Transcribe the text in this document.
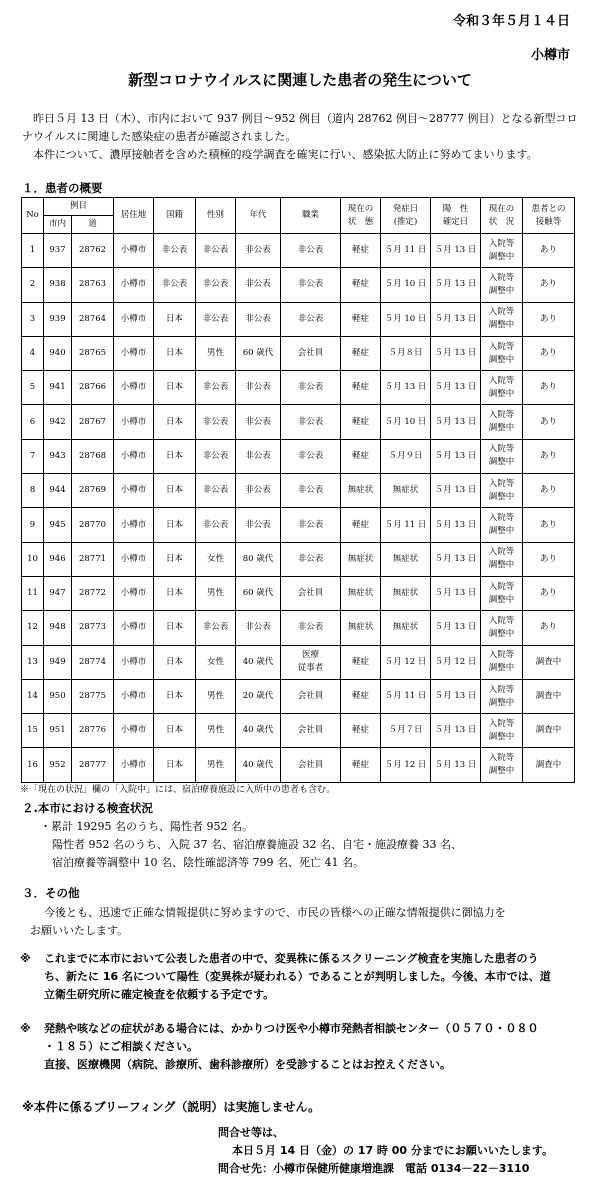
令和３年５月１４日
小樽市
新型コロナウイルスに関連した患者の発生について

昨日５月 13 日（木）、市内において 937 例目～952 例目（道内 28762 例目～28777 例目）となる新型コロナウイルスに関連した感染症の患者が確認されました。

本件について、濃厚接触者を含めた積極的疫学調査を確実に行い、感染拡大防止に努めてまいります。

１．患者の概要
No	例目		居住地	国籍	性別	年代	職業	現在の
状　態	発症日
(推定)	陽　性
確定日	現在の
状　況	患者との
接触等
	市内	道										
1	937	28762	小樽市	非公表	非公表	非公表	非公表	軽症	５月 11 日	５月 13 日	入院等
調整中	あり
2	938	28763	小樽市	非公表	非公表	非公表	非公表	軽症	５月 10 日	５月 13 日	入院等
調整中	あり
3	939	28764	小樽市	日本	非公表	非公表	非公表	軽症	５月 10 日	５月 13 日	入院等
調整中	あり
4	940	28765	小樽市	日本	男性	60 歳代	会社員	軽症	５月８日	５月 13 日	入院等
調整中	あり
5	941	28766	小樽市	日本	非公表	非公表	非公表	軽症	５月 13 日	５月 13 日	入院等
調整中	あり
6	942	28767	小樽市	日本	非公表	非公表	非公表	軽症	５月 10 日	５月 13 日	入院等
調整中	あり
7	943	28768	小樽市	日本	非公表	非公表	非公表	軽症	５月９日	５月 13 日	入院等
調整中	あり
8	944	28769	小樽市	日本	非公表	非公表	非公表	無症状	無症状	５月 13 日	入院等
調整中	あり
9	945	28770	小樽市	日本	非公表	非公表	非公表	軽症	５月 11 日	５月 13 日	入院等
調整中	あり
10	946	28771	小樽市	日本	女性	80 歳代	非公表	無症状	無症状	５月 13 日	入院等
調整中	あり
11	947	28772	小樽市	日本	男性	60 歳代	会社員	無症状	無症状	５月 13 日	入院等
調整中	あり
12	948	28773	小樽市	日本	非公表	非公表	非公表	無症状	無症状	５月 13 日	入院等
調整中	あり
13	949	28774	小樽市	日本	女性	40 歳代	医療
従事者	軽症	５月 12 日	５月 12 日	入院等
調整中	調査中
14	950	28775	小樽市	日本	男性	20 歳代	会社員	軽症	５月 11 日	５月 13 日	入院等
調整中	調査中
15	951	28776	小樽市	日本	男性	40 歳代	会社員	軽症	５月７日	５月 13 日	入院等
調整中	調査中
16	952	28777	小樽市	日本	男性	40 歳代	会社員	軽症	５月 12 日	５月 13 日	入院等
調整中	調査中
※「現在の状況」欄の「入院中」には、宿泊療養施設に入所中の患者も含む。
２.本市における検査状況
・累計 19295 名のうち、陽性者 952 名。
陽性者 952 名のうち、入院 37 名、宿泊療養施設 32 名、自宅・施設療養 33 名、
宿泊療養等調整中 10 名、陰性確認済等 799 名、死亡 41 名。
３．その他
今後とも、迅速で正確な情報提供に努めますので、市民の皆様への正確な情報提供に御協力を
お願いいたします。
※ これまでに本市において公表した患者の中で、変異株に係るスクリーニング検査を実施した患者のう
ち、新たに 16 名について陽性（変異株が疑われる）であることが判明しました。今後、本市では、道
立衛生研究所に確定検査を依頼する予定です。
※ 発熱や咳などの症状がある場合には、かかりつけ医や小樽市発熱者相談センター（０５７０・０８０
・１８５）にご相談ください。
直接、医療機関（病院、診療所、歯科診療所）を受診することはお控えください。
※本件に係るブリーフィング（説明）は実施しません。
問合せ等は、
本日５月 14 日（金）の 17 時 00 分までにお願いいたします。
問合せ先：小樽市保健所健康増進課　電話 0134－22－3110
